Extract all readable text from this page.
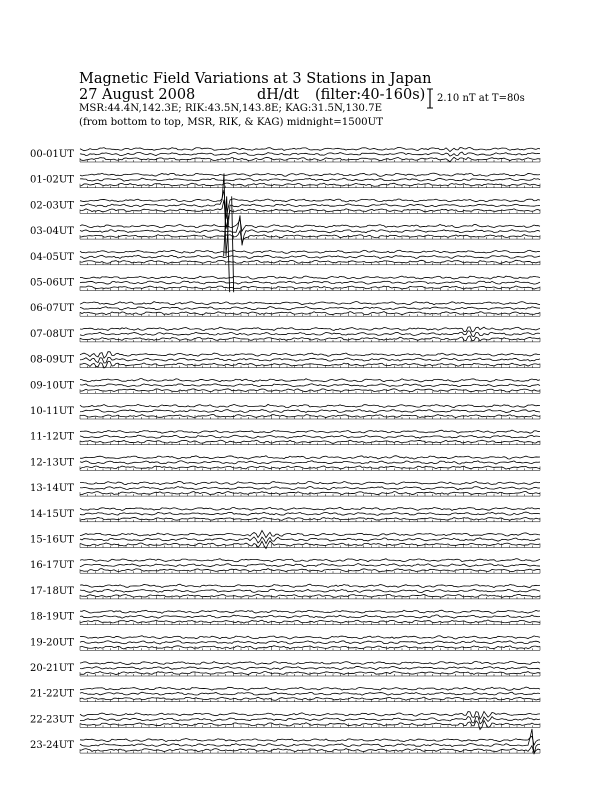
Magnetic Field Variations at 3 Stations in Japan
27 August 2008	dH/dt (filter:40-160s)
MSR:44.4N,142.3E; RIK:43.5N,143.8E; KAG:31.5N,130.7E
(from bottom to top, MSR, RIK, & KAG) midnight=1500UT
2.10 nT at T=80s
00-01UT
01-02UT
02-03UT
03-04UT
04-05UT
05-06UT
06-07UT
07-08UT
08-09UT
09-10UT
10-11UT
11-12UT
12-13UT
13-14UT
14-15UT
15-16UT
16-17UT
17-18UT
18-19UT
19-20UT
20-21UT
21-22UT
22-23UT
23-24UT
